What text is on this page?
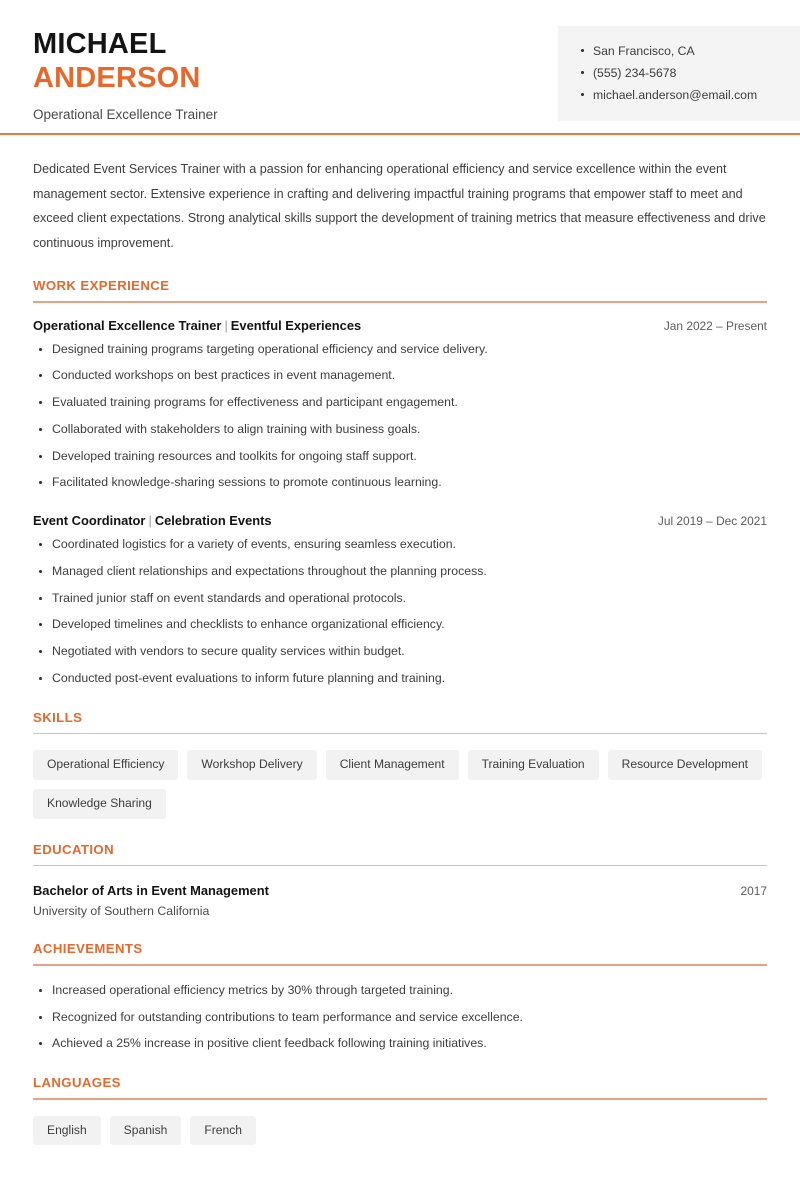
MICHAEL
ANDERSON
Operational Excellence Trainer
San Francisco, CA
(555) 234-5678
michael.anderson@email.com

Dedicated Event Services Trainer with a passion for enhancing operational efficiency and service excellence within the event management sector. Extensive experience in crafting and delivering impactful training programs that empower staff to meet and exceed client expectations. Strong analytical skills support the development of training metrics that measure effectiveness and drive continuous improvement.

WORK EXPERIENCE
Operational Excellence Trainer | Eventful Experiences	Jan 2022 – Present
Designed training programs targeting operational efficiency and service delivery.
Conducted workshops on best practices in event management.
Evaluated training programs for effectiveness and participant engagement.
Collaborated with stakeholders to align training with business goals.
Developed training resources and toolkits for ongoing staff support.
Facilitated knowledge-sharing sessions to promote continuous learning.
Event Coordinator | Celebration Events	Jul 2019 – Dec 2021
Coordinated logistics for a variety of events, ensuring seamless execution.
Managed client relationships and expectations throughout the planning process.
Trained junior staff on event standards and operational protocols.
Developed timelines and checklists to enhance organizational efficiency.
Negotiated with vendors to secure quality services within budget.
Conducted post-event evaluations to inform future planning and training.
SKILLS
Operational Efficiency	Workshop Delivery	Client Management	Training Evaluation	Resource Development
Knowledge Sharing
EDUCATION
Bachelor of Arts in Event Management	2017
University of Southern California
ACHIEVEMENTS
Increased operational efficiency metrics by 30% through targeted training.
Recognized for outstanding contributions to team performance and service excellence.
Achieved a 25% increase in positive client feedback following training initiatives.
LANGUAGES
English	Spanish	French
